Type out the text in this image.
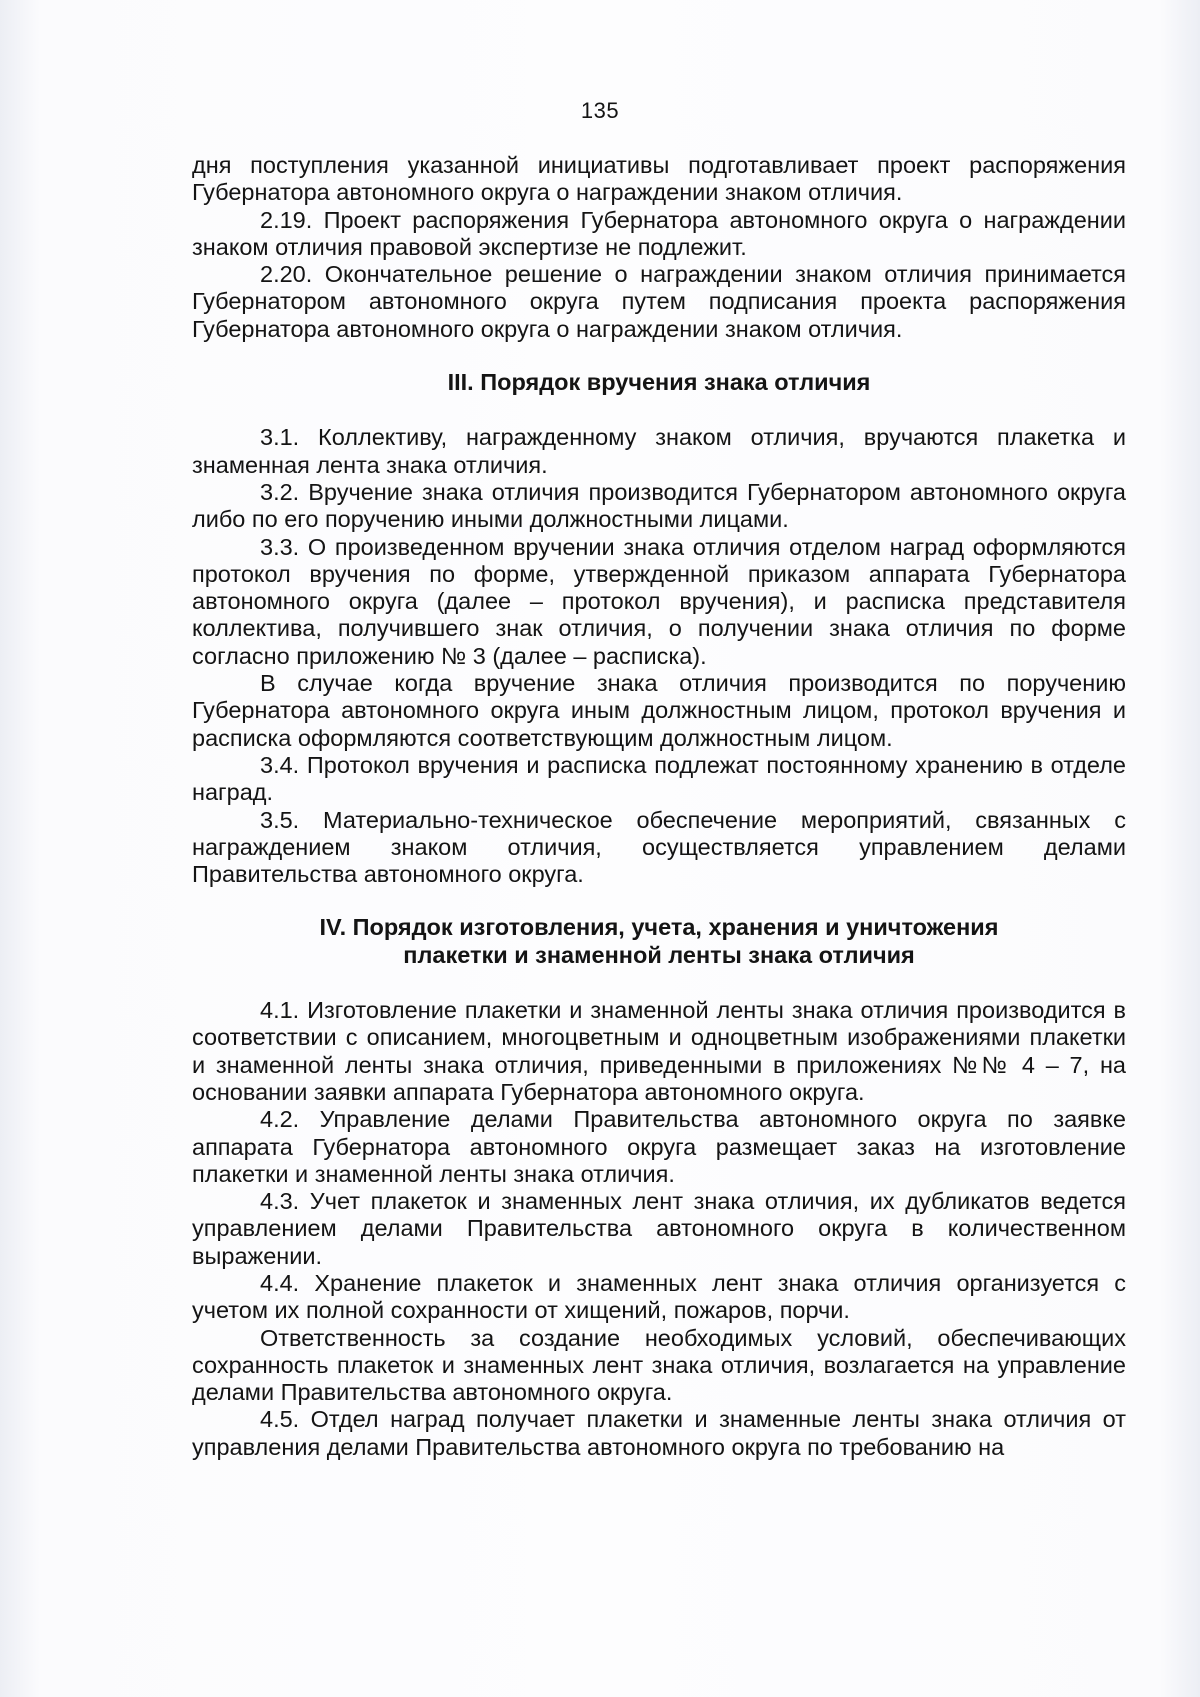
135

дня поступления указанной инициативы подготавливает проект распоряжения Губернатора автономного округа о награждении знаком отличия.

2.19. Проект распоряжения Губернатора автономного округа о награждении знаком отличия правовой экспертизе не подлежит.

2.20. Окончательное решение о награждении знаком отличия принимается Губернатором автономного округа путем подписания проекта распоряжения Губернатора автономного округа о награждении знаком отличия.

III. Порядок вручения знака отличия

3.1. Коллективу, награжденному знаком отличия, вручаются плакетка и знаменная лента знака отличия.

3.2. Вручение знака отличия производится Губернатором автономного округа либо по его поручению иными должностными лицами.

3.3. О произведенном вручении знака отличия отделом наград оформляются протокол вручения по форме, утвержденной приказом аппарата Губернатора автономного округа (далее – протокол вручения), и расписка представителя коллектива, получившего знак отличия, о получении знака отличия по форме согласно приложению № 3 (далее – расписка).

В случае когда вручение знака отличия производится по поручению Губернатора автономного округа иным должностным лицом, протокол вручения и расписка оформляются соответствующим должностным лицом.

3.4. Протокол вручения и расписка подлежат постоянному хранению в отделе наград.

3.5. Материально-техническое обеспечение мероприятий, связанных с награждением знаком отличия, осуществляется управлением делами Правительства автономного округа.

IV. Порядок изготовления, учета, хранения и уничтожения
плакетки и знаменной ленты знака отличия

4.1. Изготовление плакетки и знаменной ленты знака отличия производится в соответствии с описанием, многоцветным и одноцветным изображениями плакетки и знаменной ленты знака отличия, приведенными в приложениях №№ 4 – 7, на основании заявки аппарата Губернатора автономного округа.

4.2. Управление делами Правительства автономного округа по заявке аппарата Губернатора автономного округа размещает заказ на изготовление плакетки и знаменной ленты знака отличия.

4.3. Учет плакеток и знаменных лент знака отличия, их дубликатов ведется управлением делами Правительства автономного округа в количественном выражении.

4.4. Хранение плакеток и знаменных лент знака отличия организуется с учетом их полной сохранности от хищений, пожаров, порчи.

Ответственность за создание необходимых условий, обеспечивающих сохранность плакеток и знаменных лент знака отличия, возлагается на управление делами Правительства автономного округа.

4.5. Отдел наград получает плакетки и знаменные ленты знака отличия от управления делами Правительства автономного округа по требованию на
